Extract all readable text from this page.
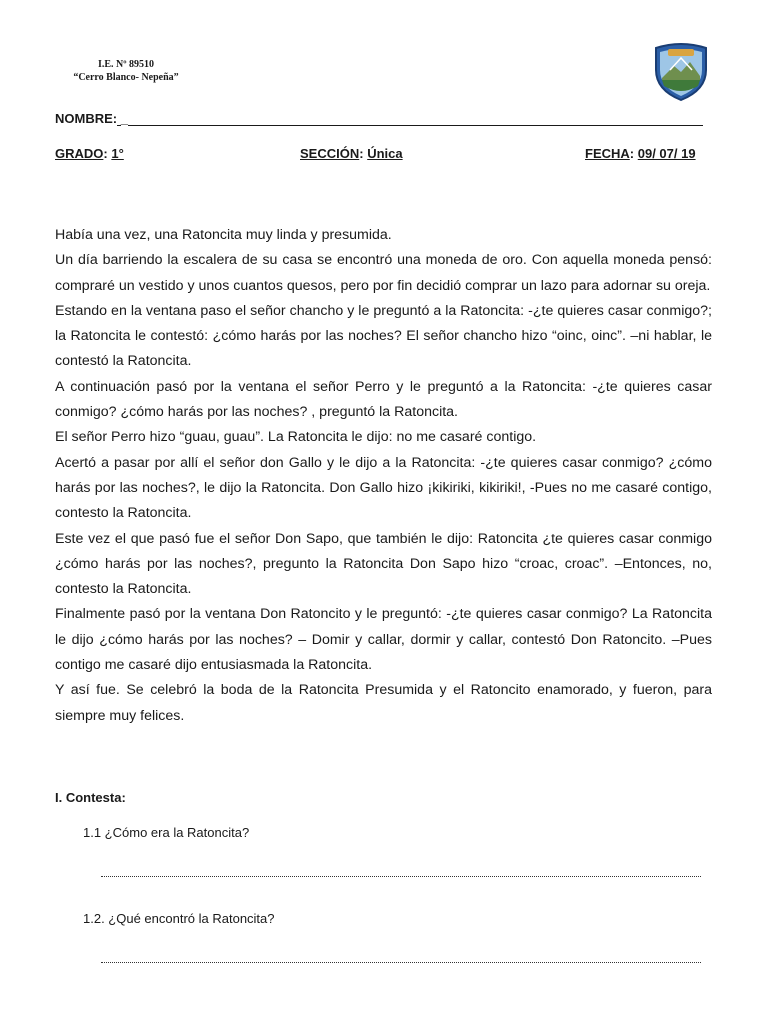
I.E. Nº 89510
“Cerro Blanco- Nepeña”
NOMBRE: _
GRADO: 1°	SECCIÓN: Única	FECHA: 09/ 07/ 19

Había una vez, una Ratoncita muy linda y presumida.

Un día barriendo la escalera de su casa se encontró una moneda de oro. Con aquella moneda pensó: compraré un vestido y unos cuantos quesos, pero por fin decidió comprar un lazo para adornar su oreja.

Estando en la ventana paso el señor chancho y le preguntó a la Ratoncita: -¿te quieres casar conmigo?; la Ratoncita le contestó: ¿cómo harás por las noches? El señor chancho hizo “oinc, oinc”. –ni hablar, le contestó la Ratoncita.

A continuación pasó por la ventana el señor Perro y le preguntó a la Ratoncita: -¿te quieres casar conmigo? ¿cómo harás por las noches? , preguntó la Ratoncita.

El señor Perro hizo “guau, guau”. La Ratoncita le dijo: no me casaré contigo.

Acertó a pasar por allí el señor don Gallo y le dijo a la Ratoncita: -¿te quieres casar conmigo? ¿cómo harás por las noches?, le dijo la Ratoncita. Don Gallo hizo ¡kikiriki, kikiriki!, -Pues no me casaré contigo, contesto la Ratoncita.

Este vez el que pasó fue el señor Don Sapo, que también le dijo: Ratoncita ¿te quieres casar conmigo ¿cómo harás por las noches?, pregunto la Ratoncita Don Sapo hizo “croac, croac”. –Entonces, no, contesto la Ratoncita.

Finalmente pasó por la ventana Don Ratoncito y le preguntó: -¿te quieres casar conmigo? La Ratoncita le dijo ¿cómo harás por las noches? – Domir y callar, dormir y callar, contestó Don Ratoncito. –Pues contigo me casaré dijo entusiasmada la Ratoncita.

Y así fue. Se celebró la boda de la Ratoncita Presumida y el Ratoncito enamorado, y fueron, para siempre muy felices.

I. Contesta:
1.1 ¿Cómo era la Ratoncita?
1.2. ¿Qué encontró la Ratoncita?
